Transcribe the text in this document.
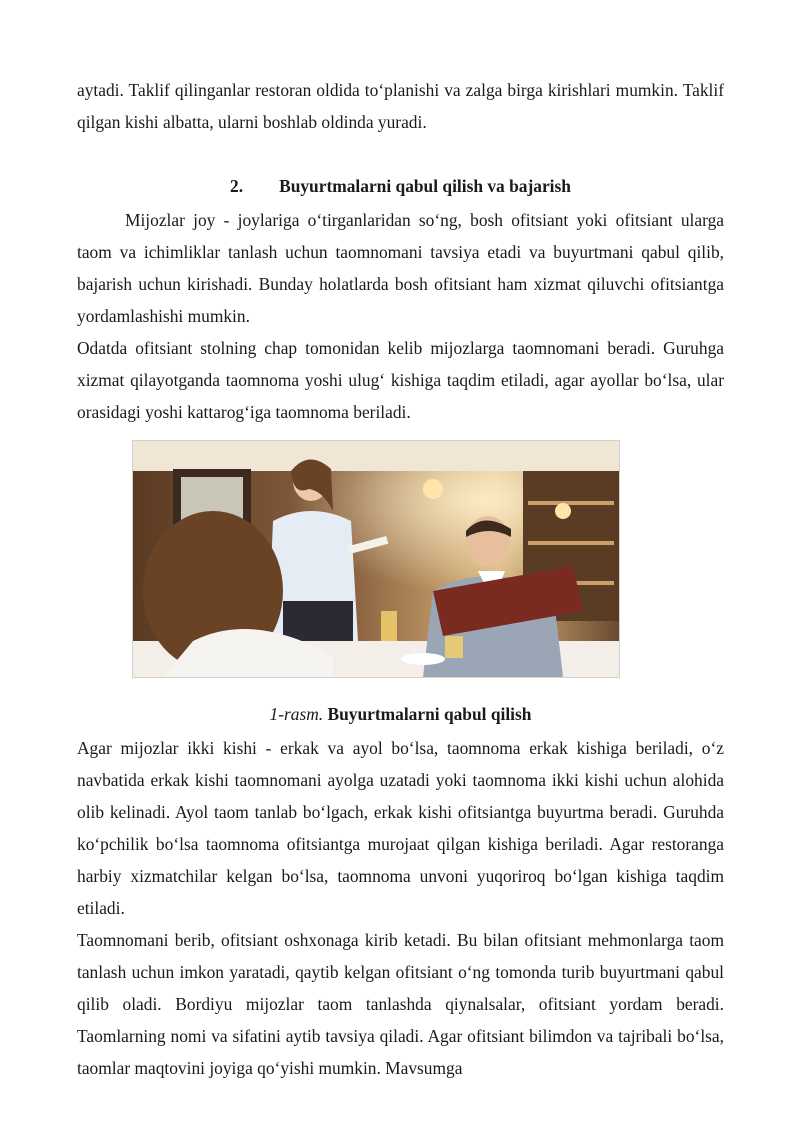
aytadi. Taklif qilinganlar restoran oldida to‘planishi va zalga birga kirishlari mumkin. Taklif qilgan kishi albatta, ularni boshlab oldinda yuradi.

2. Buyurtmalarni qabul qilish va bajarish

Mijozlar joy - joylariga o‘tirganlaridan so‘ng, bosh ofitsiant yoki ofitsiant ularga taom va ichimliklar tanlash uchun taomnomani tavsiya etadi va buyurtmani qabul qilib, bajarish uchun kirishadi. Bunday holatlarda bosh ofitsiant ham xizmat qiluvchi ofitsiantga yordamlashishi mumkin.

Odatda ofitsiant stolning chap tomonidan kelib mijozlarga taomnomani beradi. Guruhga xizmat qilayotganda taomnoma yoshi ulug‘ kishiga taqdim etiladi, agar ayollar bo‘lsa, ular orasidagi yoshi kattarog‘iga taomnoma beriladi.

1-rasm. Buyurtmalarni qabul qilish

Agar mijozlar ikki kishi - erkak va ayol bo‘lsa, taomnoma erkak kishiga beriladi, o‘z navbatida erkak kishi taomnomani ayolga uzatadi yoki taomnoma ikki kishi uchun alohida olib kelinadi. Ayol taom tanlab bo‘lgach, erkak kishi ofitsiantga buyurtma beradi. Guruhda ko‘pchilik bo‘lsa taomnoma ofitsiantga murojaat qilgan kishiga beriladi. Agar restoranga harbiy xizmatchilar kelgan bo‘lsa, taomnoma unvoni yuqoriroq bo‘lgan kishiga taqdim etiladi.

Taomnomani berib, ofitsiant oshxonaga kirib ketadi. Bu bilan ofitsiant mehmonlarga taom tanlash uchun imkon yaratadi, qaytib kelgan ofitsiant o‘ng tomonda turib buyurtmani qabul qilib oladi. Bordiyu mijozlar taom tanlashda qiynalsalar, ofitsiant yordam beradi. Taomlarning nomi va sifatini aytib tavsiya qiladi. Agar ofitsiant bilimdon va tajribali bo‘lsa, taomlar maqtovini joyiga qo‘yishi mumkin. Mavsumga
